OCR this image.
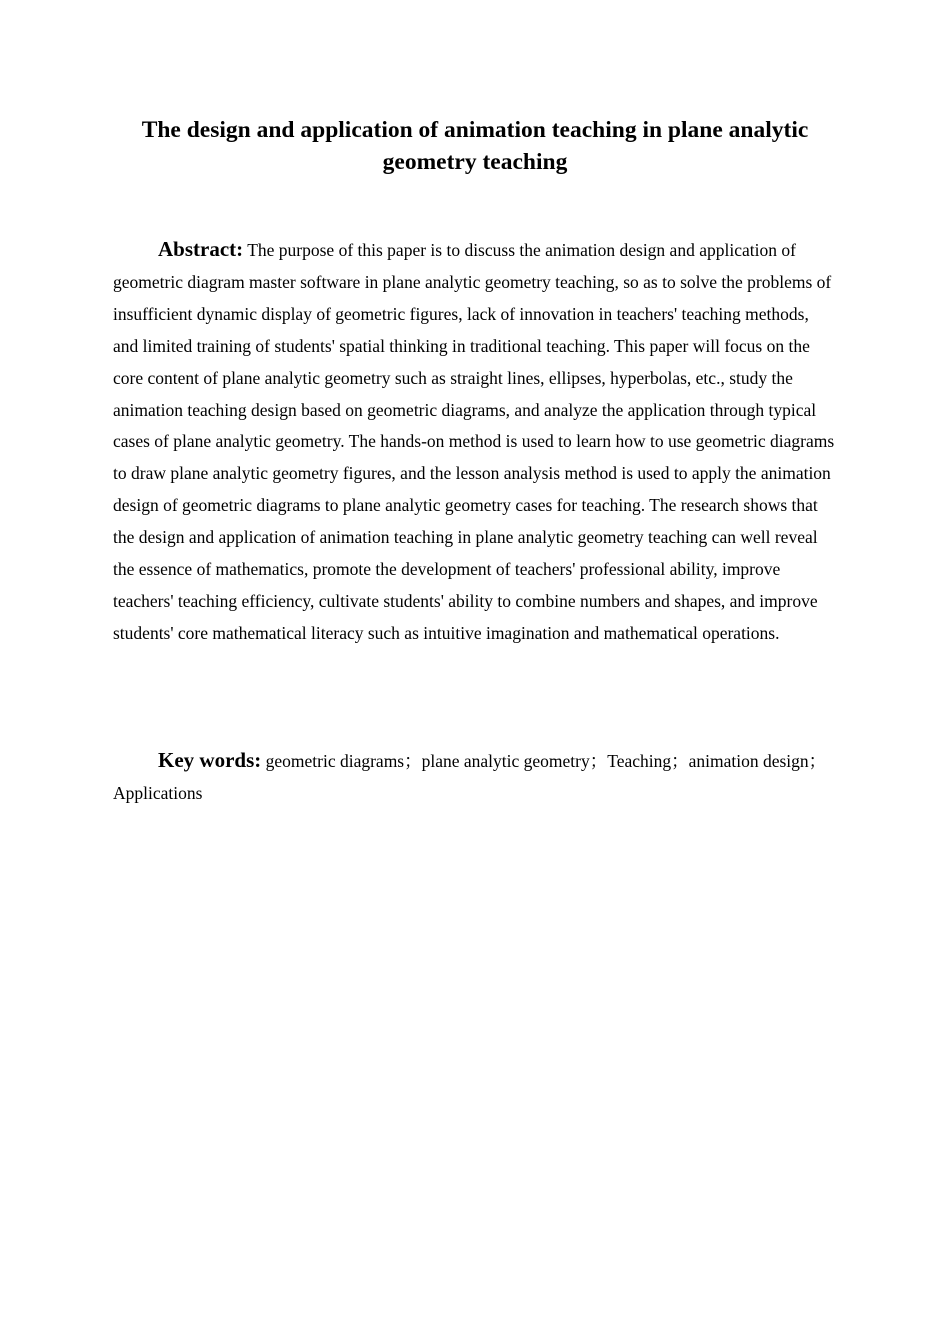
The design and application of animation teaching in plane analytic geometry teaching

Abstract: The purpose of this paper is to discuss the animation design and application of geometric diagram master software in plane analytic geometry teaching, so as to solve the problems of insufficient dynamic display of geometric figures, lack of innovation in teachers' teaching methods, and limited training of students' spatial thinking in traditional teaching. This paper will focus on the core content of plane analytic geometry such as straight lines, ellipses, hyperbolas, etc., study the animation teaching design based on geometric diagrams, and analyze the application through typical cases of plane analytic geometry. The hands-on method is used to learn how to use geometric diagrams to draw plane analytic geometry figures, and the lesson analysis method is used to apply the animation design of geometric diagrams to plane analytic geometry cases for teaching. The research shows that the design and application of animation teaching in plane analytic geometry teaching can well reveal the essence of mathematics, promote the development of teachers' professional ability, improve teachers' teaching efficiency, cultivate students' ability to combine numbers and shapes, and improve students' core mathematical literacy such as intuitive imagination and mathematical operations.

Key words: geometric diagrams；plane analytic geometry；Teaching；animation design；Applications
